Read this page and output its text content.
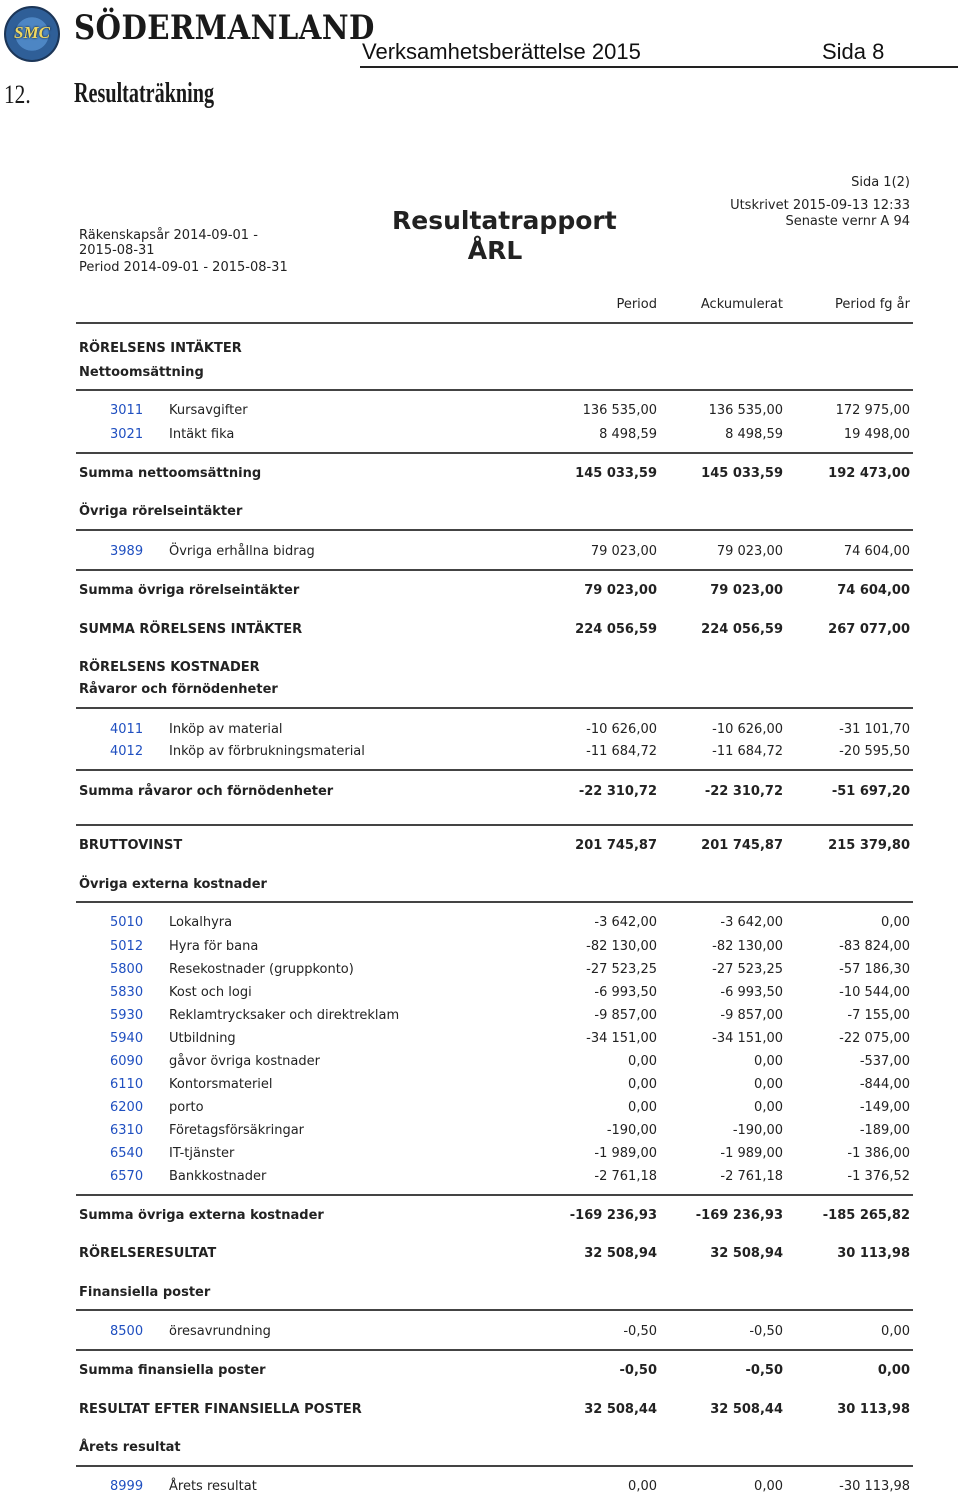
SMC SÖDERMANLAND
Verksamhetsberättelse 2015	Sida 8
12. Resultaträkning
Sida 1(2)
Utskrivet 2015-09-13 12:33
Senaste vernr A 94
Räkenskapsår 2014-09-01 -
2015-08-31
Period 2014-09-01 - 2015-08-31
Resultatrapport
ÅRL
Period	Ackumulerat	Period fg år
RÖRELSENS INTÄKTER
Nettoomsättning
3011 Kursavgifter	136 535,00	136 535,00	172 975,00
3021 Intäkt fika	8 498,59	8 498,59	19 498,00
Summa nettoomsättning	145 033,59	145 033,59	192 473,00
Övriga rörelseintäkter
3989 Övriga erhållna bidrag	79 023,00	79 023,00	74 604,00
Summa övriga rörelseintäkter	79 023,00	79 023,00	74 604,00
SUMMA RÖRELSENS INTÄKTER	224 056,59	224 056,59	267 077,00
RÖRELSENS KOSTNADER
Råvaror och förnödenheter
4011 Inköp av material	-10 626,00	-10 626,00	-31 101,70
4012 Inköp av förbrukningsmaterial	-11 684,72	-11 684,72	-20 595,50
Summa råvaror och förnödenheter	-22 310,72	-22 310,72	-51 697,20
BRUTTOVINST	201 745,87	201 745,87	215 379,80
Övriga externa kostnader
5010 Lokalhyra	-3 642,00	-3 642,00	0,00
5012 Hyra för bana	-82 130,00	-82 130,00	-83 824,00
5800 Resekostnader (gruppkonto)	-27 523,25	-27 523,25	-57 186,30
5830 Kost och logi	-6 993,50	-6 993,50	-10 544,00
5930 Reklamtrycksaker och direktreklam	-9 857,00	-9 857,00	-7 155,00
5940 Utbildning	-34 151,00	-34 151,00	-22 075,00
6090 gåvor övriga kostnader	0,00	0,00	-537,00
6110 Kontorsmateriel	0,00	0,00	-844,00
6200 porto	0,00	0,00	-149,00
6310 Företagsförsäkringar	-190,00	-190,00	-189,00
6540 IT-tjänster	-1 989,00	-1 989,00	-1 386,00
6570 Bankkostnader	-2 761,18	-2 761,18	-1 376,52
Summa övriga externa kostnader	-169 236,93	-169 236,93	-185 265,82
RÖRELSERESULTAT	32 508,94	32 508,94	30 113,98
Finansiella poster
8500 öresavrundning	-0,50	-0,50	0,00
Summa finansiella poster	-0,50	-0,50	0,00
RESULTAT EFTER FINANSIELLA POSTER	32 508,44	32 508,44	30 113,98
Årets resultat
8999 Årets resultat	0,00	0,00	-30 113,98
